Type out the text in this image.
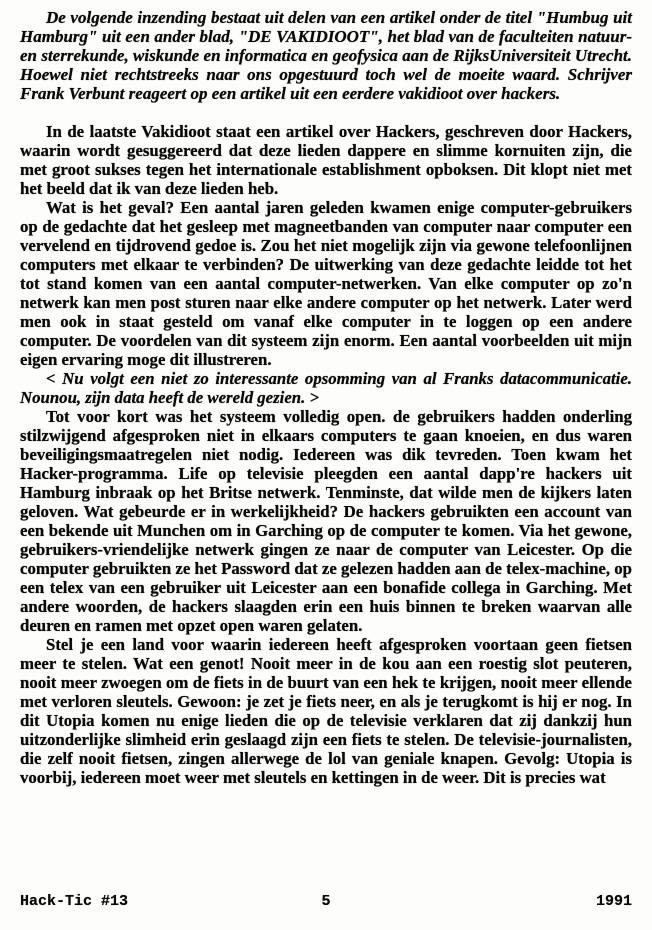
De volgende inzending bestaat uit delen van een artikel onder de titel "Humbug uit Hamburg" uit een ander blad, "DE VAKIDIOOT", het blad van de faculteiten natuur- en sterrekunde, wiskunde en informatica en geofysica aan de RijksUniversiteit Utrecht. Hoewel niet rechtstreeks naar ons opgestuurd toch wel de moeite waard. Schrijver Frank Verbunt reageert op een artikel uit een eerdere vakidioot over hackers.

In de laatste Vakidioot staat een artikel over Hackers, geschreven door Hackers, waarin wordt gesuggereerd dat deze lieden dappere en slimme kornuiten zijn, die met groot sukses tegen het internationale establishment opboksen. Dit klopt niet met het beeld dat ik van deze lieden heb.

Wat is het geval? Een aantal jaren geleden kwamen enige computer-gebruikers op de gedachte dat het gesleep met magneetbanden van computer naar computer een vervelend en tijdrovend gedoe is. Zou het niet mogelijk zijn via gewone telefoonlijnen computers met elkaar te verbinden? De uitwerking van deze gedachte leidde tot het tot stand komen van een aantal computer-netwerken. Van elke computer op zo'n netwerk kan men post sturen naar elke andere computer op het netwerk. Later werd men ook in staat gesteld om vanaf elke computer in te loggen op een andere computer. De voordelen van dit systeem zijn enorm. Een aantal voorbeelden uit mijn eigen ervaring moge dit illustreren.

< Nu volgt een niet zo interessante opsomming van al Franks datacommunicatie. Nounou, zijn data heeft de wereld gezien. >

Tot voor kort was het systeem volledig open. de gebruikers hadden onderling stilzwijgend afgesproken niet in elkaars computers te gaan knoeien, en dus waren beveiligingsmaatregelen niet nodig. Iedereen was dik tevreden. Toen kwam het Hacker-programma. Life op televisie pleegden een aantal dapp're hackers uit Hamburg inbraak op het Britse netwerk. Tenminste, dat wilde men de kijkers laten geloven. Wat gebeurde er in werkelijkheid? De hackers gebruikten een account van een bekende uit Munchen om in Garching op de computer te komen. Via het gewone, gebruikers-vriendelijke netwerk gingen ze naar de computer van Leicester. Op die computer gebruikten ze het Password dat ze gelezen hadden aan de telex-machine, op een telex van een gebruiker uit Leicester aan een bonafide collega in Garching. Met andere woorden, de hackers slaagden erin een huis binnen te breken waarvan alle deuren en ramen met opzet open waren gelaten.

Stel je een land voor waarin iedereen heeft afgesproken voortaan geen fietsen meer te stelen. Wat een genot! Nooit meer in de kou aan een roestig slot peuteren, nooit meer zwoegen om de fiets in de buurt van een hek te krijgen, nooit meer ellende met verloren sleutels. Gewoon: je zet je fiets neer, en als je terugkomt is hij er nog. In dit Utopia komen nu enige lieden die op de televisie verklaren dat zij dankzij hun uitzonderlijke slimheid erin geslaagd zijn een fiets te stelen. De televisie-journalisten, die zelf nooit fietsen, zingen allerwege de lol van geniale knapen. Gevolg: Utopia is voorbij, iedereen moet weer met sleutels en kettingen in de weer. Dit is precies wat

Hack-Tic #13	5	1991
